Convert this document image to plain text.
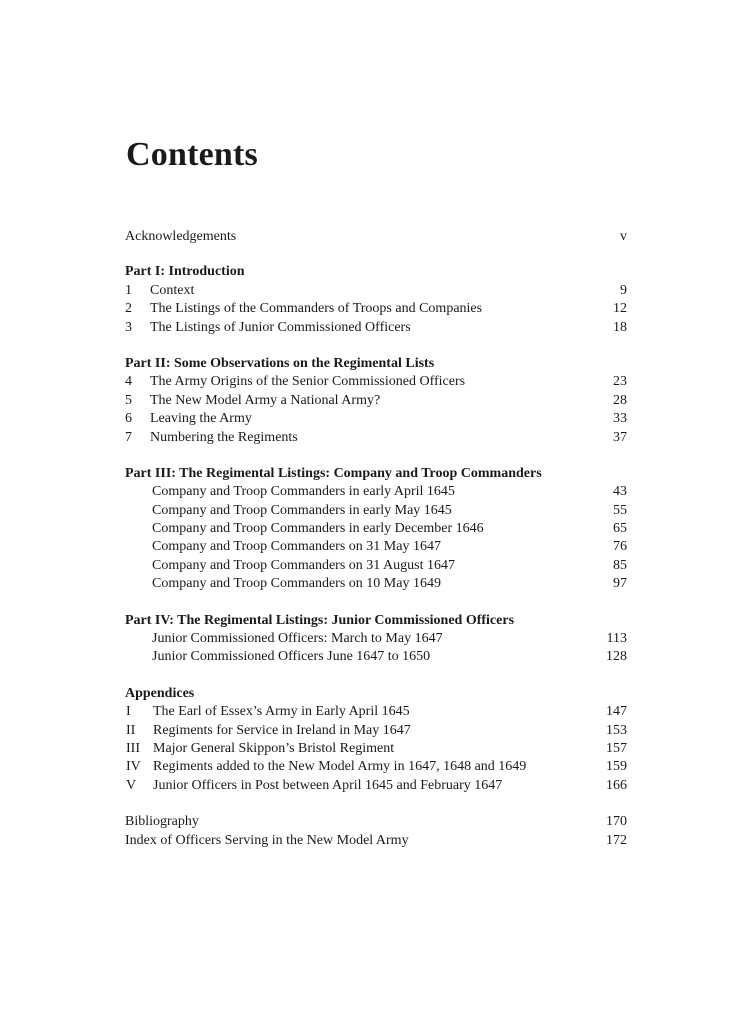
Contents
Acknowledgements	v
Part I: Introduction
1 Context	9
2 The Listings of the Commanders of Troops and Companies	12
3 The Listings of Junior Commissioned Officers	18
Part II: Some Observations on the Regimental Lists
4 The Army Origins of the Senior Commissioned Officers	23
5 The New Model Army a National Army?	28
6 Leaving the Army	33
7 Numbering the Regiments	37
Part III: The Regimental Listings: Company and Troop Commanders
Company and Troop Commanders in early April 1645	43
Company and Troop Commanders in early May 1645	55
Company and Troop Commanders in early December 1646	65
Company and Troop Commanders on 31 May 1647	76
Company and Troop Commanders on 31 August 1647	85
Company and Troop Commanders on 10 May 1649	97
Part IV: The Regimental Listings: Junior Commissioned Officers
Junior Commissioned Officers: March to May 1647	113
Junior Commissioned Officers June 1647 to 1650	128
Appendices
I The Earl of Essex’s Army in Early April 1645	147
II Regiments for Service in Ireland in May 1647	153
III Major General Skippon’s Bristol Regiment	157
IV Regiments added to the New Model Army in 1647, 1648 and 1649	159
V Junior Officers in Post between April 1645 and February 1647	166
Bibliography	170
Index of Officers Serving in the New Model Army	172
